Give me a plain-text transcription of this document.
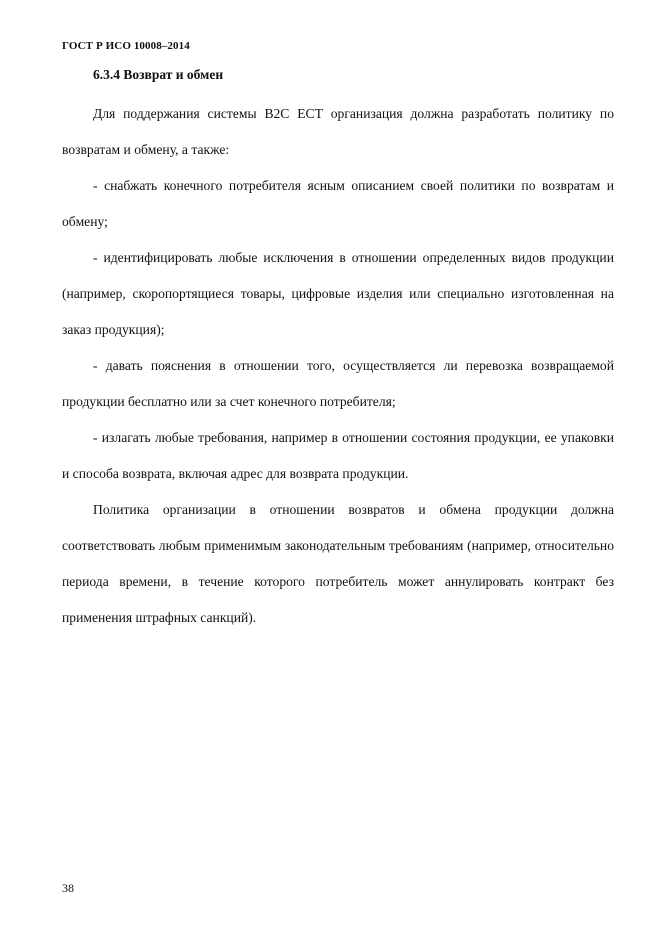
ГОСТ Р ИСО 10008–2014
6.3.4 Возврат и обмен

Для поддержания системы В2С ЕСТ организация должна разработать политику по возвратам и обмену, а также:

- снабжать конечного потребителя ясным описанием своей политики по возвратам и обмену;

- идентифицировать любые исключения в отношении определенных видов продукции (например, скоропортящиеся товары, цифровые изделия или специально изготовленная на заказ продукция);

- давать пояснения в отношении того, осуществляется ли перевозка возвращаемой продукции бесплатно или за счет конечного потребителя;

- излагать любые требования, например в отношении состояния продукции, ее упаковки и способа возврата, включая адрес для возврата продукции.

Политика организации в отношении возвратов и обмена продукции должна соответствовать любым применимым законодательным требованиям (например, относительно периода времени, в течение которого потребитель может аннулировать контракт без применения штрафных санкций).

38
